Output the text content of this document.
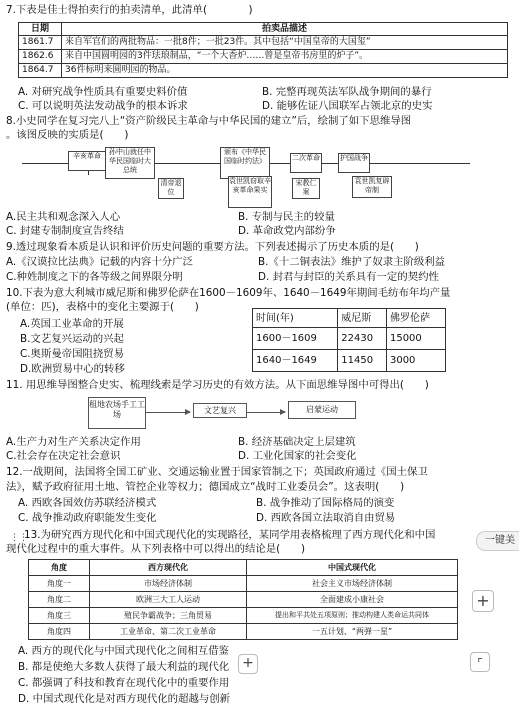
7.下表是佳士得拍卖行的拍卖清单，此清单(　　　　)
日期	拍卖品描述
1861.7	来自军官们的两批物品：一批8件；一批23件。其中包括“中国皇帝的大国玺”
1862.6	来自中国圆明园的3件珐琅制品，“一个大香炉……曾是皇帝书房里的炉子”。
1864.7	36件标明来圆明园的物品。
A. 对研究战争性质具有重要史料价值	B. 完整再现英法军队战争期间的暴行
C. 可以说明英法发动战争的根本诉求	D. 能够佐证八国联军占领北京的史实
8.小史同学在复习完八上“资产阶级民主革命与中华民国的建立”后，绘制了如下思维导图
。该图反映的实质是(　　)
辛亥革命	孙中山就任中华民国临时大总统
颁布《中华民国临时约法》	二次革命	护国战争
清帝退位
袁世凯窃取辛亥革命果实
宋教仁案
袁世凯复辟帝制
A.民主共和观念深入人心	B. 专制与民主的较量
C. 封建专制制度宣告终结	D. 革命政党内部纷争
9.透过现象看本质是认识和评价历史问题的重要方法。下列表述揭示了历史本质的是(　　)
A.《汉谟拉比法典》记载的内容十分广泛	B.《十二铜表法》维护了奴隶主阶级利益
C.种姓制度之下的各等级之间界限分明	D. 封君与封臣的关系具有一定的契约性
10.下表为意大利城市威尼斯和佛罗伦萨在1600－1609年、1640－1649年期间毛纺布年均产量
(单位：匹)，表格中的变化主要源于(　　)
A.英国工业革命的开展
B.文艺复兴运动的兴起
C.奥斯曼帝国阻挠贸易
D.欧洲贸易中心的转移
时间(年)	威尼斯	佛罗伦萨
1600－1609	22430	15000
1640－1649	11450	3000
11. 用思维导图整合史实、梳理线索是学习历史的有效方法。从下面思维导图中可得出(　　)
租地农场手工工场	文艺复兴	启蒙运动
A.生产力对生产关系决定作用	B. 经济基础决定上层建筑
C.社会存在决定社会意识	D. 工业化国家的社会变化
12.一战期间，法国将全国工矿业、交通运输业置于国家管制之下；英国政府通过《国土保卫
法》，赋予政府征用土地、管控企业等权力；德国成立“战时工业委员会”。这表明(　　)
A. 西欧各国效仿苏联经济模式	B. 战争推动了国际格局的演变
C. 战争推动政府职能发生变化	D. 西欧各国立法取消自由贸易
13.为研究西方现代化和中国式现代化的实现路径，某同学用表格梳理了西方现代化和中国
现代化过程中的重大事件。从下列表格中可以得出的结论是(　　)
角度	西方现代化	中国式现代化
角度一	市场经济体制	社会主义市场经济体制
角度二	欧洲三大工人运动	全面建成小康社会
角度三	殖民争霸战争；三角贸易	提出和平共处五项原则；推动构建人类命运共同体
角度四	工业革命、第二次工业革命	一五计划、“两弹一星”
A. 西方的现代化与中国式现代化之间相互借鉴
B. 都是使绝大多数人获得了最大利益的现代化
C. 都强调了科技和教育在现代化中的重要作用
D. 中国式现代化是对西方现代化的超越与创新
⋮⋮	一键美
+
+	⌜
